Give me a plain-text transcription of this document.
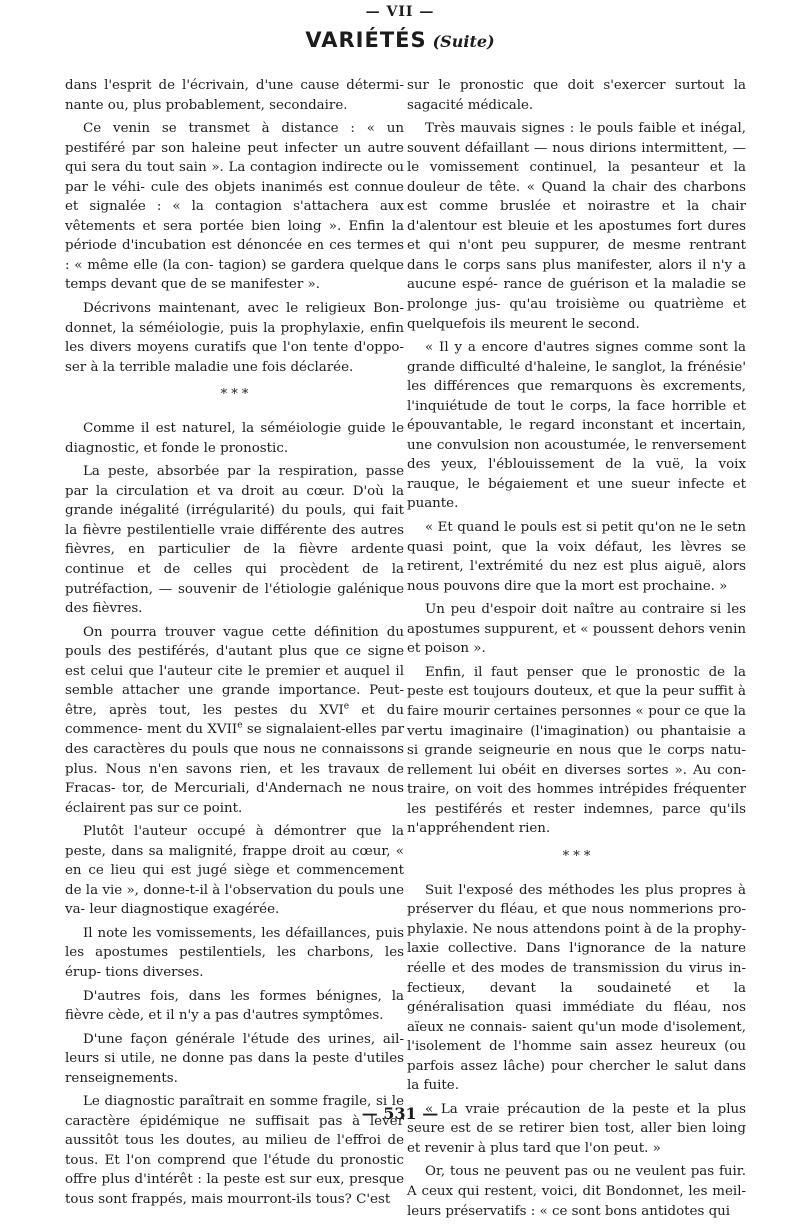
— VII —
VARIÉTÉS (Suite)

dans l'esprit de l'écrivain, d'une cause détermi- nante ou, plus probablement, secondaire.

Ce venin se transmet à distance : « un pestiféré par son haleine peut infecter un autre qui sera du tout sain ». La contagion indirecte ou par le véhi- cule des objets inanimés est connue et signalée : « la contagion s'attachera aux vêtements et sera portée bien loing ». Enfin la période d'incubation est dénoncée en ces termes : « même elle (la con- tagion) se gardera quelque temps devant que de se manifester ».

Décrivons maintenant, avec le religieux Bon- donnet, la séméiologie, puis la prophylaxie, enfin les divers moyens curatifs que l'on tente d'oppo- ser à la terrible maladie une fois déclarée.

* * *

Comme il est naturel, la séméiologie guide le diagnostic, et fonde le pronostic.

La peste, absorbée par la respiration, passe par la circulation et va droit au cœur. D'où la grande inégalité (irrégularité) du pouls, qui fait la fièvre pestilentielle vraie différente des autres fièvres, en particulier de la fièvre ardente continue et de celles qui procèdent de la putréfaction, — souvenir de l'étiologie galénique des fièvres.

On pourra trouver vague cette définition du pouls des pestiférés, d'autant plus que ce signe est celui que l'auteur cite le premier et auquel il semble attacher une grande importance. Peut-être, après tout, les pestes du XVIe et du commence- ment du XVIIe se signalaient-elles par des caractères du pouls que nous ne connaissons plus. Nous n'en savons rien, et les travaux de Fracas- tor, de Mercuriali, d'Andernach ne nous éclairent pas sur ce point.

Plutôt l'auteur occupé à démontrer que la peste, dans sa malignité, frappe droit au cœur, « en ce lieu qui est jugé siège et commencement de la vie », donne-t-il à l'observation du pouls une va- leur diagnostique exagérée.

Il note les vomissements, les défaillances, puis les apostumes pestilentiels, les charbons, les érup- tions diverses.

D'autres fois, dans les formes bénignes, la fièvre cède, et il n'y a pas d'autres symptômes.

D'une façon générale l'étude des urines, ail- leurs si utile, ne donne pas dans la peste d'utiles renseignements.

Le diagnostic paraîtrait en somme fragile, si le caractère épidémique ne suffisait pas à lever aussitôt tous les doutes, au milieu de l'effroi de tous. Et l'on comprend que l'étude du pronostic offre plus d'intérêt : la peste est sur eux, presque tous sont frappés, mais mourront-ils tous? C'est

sur le pronostic que doit s'exercer surtout la sagacité médicale.

Très mauvais signes : le pouls faible et inégal, souvent défaillant — nous dirions intermittent, — le vomissement continuel, la pesanteur et la douleur de tête. « Quand la chair des charbons est comme bruslée et noirastre et la chair d'alentour est bleuie et les apostumes fort dures et qui n'ont peu suppurer, de mesme rentrant dans le corps sans plus manifester, alors il n'y a aucune espé- rance de guérison et la maladie se prolonge jus- qu'au troisième ou quatrième et quelquefois ils meurent le second.

« Il y a encore d'autres signes comme sont la grande difficulté d'haleine, le sanglot, la frénésie' les différences que remarquons ès excrements, l'inquiétude de tout le corps, la face horrible et épouvantable, le regard inconstant et incertain, une convulsion non acoustumée, le renversement des yeux, l'éblouissement de la vuë, la voix rauque, le bégaiement et une sueur infecte et puante.

« Et quand le pouls est si petit qu'on ne le setn quasi point, que la voix défaut, les lèvres se retirent, l'extrémité du nez est plus aiguë, alors nous pouvons dire que la mort est prochaine. »

Un peu d'espoir doit naître au contraire si les apostumes suppurent, et « poussent dehors venin et poison ».

Enfin, il faut penser que le pronostic de la peste est toujours douteux, et que la peur suffit à faire mourir certaines personnes « pour ce que la vertu imaginaire (l'imagination) ou phantaisie a si grande seigneurie en nous que le corps natu- rellement lui obéit en diverses sortes ». Au con- traire, on voit des hommes intrépides fréquenter les pestiférés et rester indemnes, parce qu'ils n'appréhendent rien.

* * *

Suit l'exposé des méthodes les plus propres à préserver du fléau, et que nous nommerions pro- phylaxie. Ne nous attendons point à de la prophy- laxie collective. Dans l'ignorance de la nature réelle et des modes de transmission du virus in- fectieux, devant la soudaineté et la généralisation quasi immédiate du fléau, nos aïeux ne connais- saient qu'un mode d'isolement, l'isolement de l'homme sain assez heureux (ou parfois assez lâche) pour chercher le salut dans la fuite.

« La vraie précaution de la peste et la plus seure est de se retirer bien tost, aller bien loing et revenir à plus tard que l'on peut. »

Or, tous ne peuvent pas ou ne veulent pas fuir. A ceux qui restent, voici, dit Bondonnet, les meil- leurs préservatifs : « ce sont bons antidotes qui

— 531 —
